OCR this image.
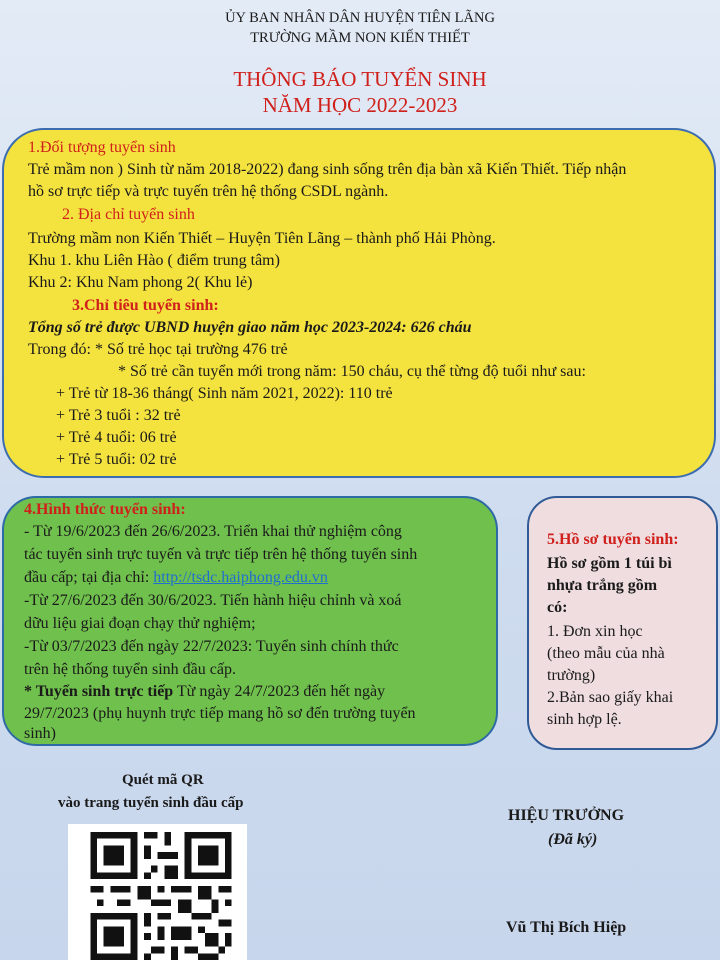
ỦY BAN NHÂN DÂN HUYỆN TIÊN LÃNG
TRƯỜNG MẦM NON KIẾN THIẾT
THÔNG BÁO TUYỂN SINH
NĂM HỌC 2022-2023
1.Đối tượng tuyển sinh
Trẻ mầm non ) Sinh từ năm 2018-2022) đang sinh sống trên địa bàn xã Kiến Thiết. Tiếp nhận
hồ sơ trực tiếp và trực tuyến trên hệ thống CSDL ngành.
2. Địa chỉ tuyển sinh
Trường mầm non Kiến Thiết – Huyện Tiên Lãng – thành phố Hải Phòng.
Khu 1. khu Liên Hào ( điểm trung tâm)
Khu 2: Khu Nam phong 2( Khu lẻ)
3.Chỉ tiêu tuyển sinh:
Tổng số trẻ được UBND huyện giao năm học 2023-2024: 626 cháu
Trong đó: * Số trẻ học tại trường 476 trẻ
* Số trẻ cần tuyển mới trong năm: 150 cháu, cụ thể từng độ tuổi như sau:
+ Trẻ từ 18-36 tháng( Sinh năm 2021, 2022): 110 trẻ
+ Trẻ 3 tuổi : 32 trẻ
+ Trẻ 4 tuổi: 06 trẻ
+ Trẻ 5 tuổi: 02 trẻ
4.Hình thức tuyển sinh:
- Từ 19/6/2023 đến 26/6/2023. Triển khai thử nghiệm công
tác tuyển sinh trực tuyến và trực tiếp trên hệ thống tuyển sinh
đầu cấp; tại địa chỉ: http://tsdc.haiphong.edu.vn
-Từ 27/6/2023 đến 30/6/2023. Tiến hành hiệu chỉnh và xoá
dữu liệu giai đoạn chạy thử nghiệm;
-Từ 03/7/2023 đến ngày 22/7/2023: Tuyển sinh chính thức
trên hệ thống tuyển sinh đầu cấp.
* Tuyển sinh trực tiếp Từ ngày 24/7/2023 đến hết ngày
29/7/2023 (phụ huynh trực tiếp mang hồ sơ đến trường tuyển
sinh)
5.Hồ sơ tuyển sinh:
Hồ sơ gồm 1 túi bì
nhựa trắng gồm
có:
1. Đơn xin học
(theo mẫu của nhà
trường)
2.Bản sao giấy khai
sinh hợp lệ.
Quét mã QR
vào trang tuyển sinh đầu cấp
HIỆU TRƯỞNG
(Đã ký)
Vũ Thị Bích Hiệp
